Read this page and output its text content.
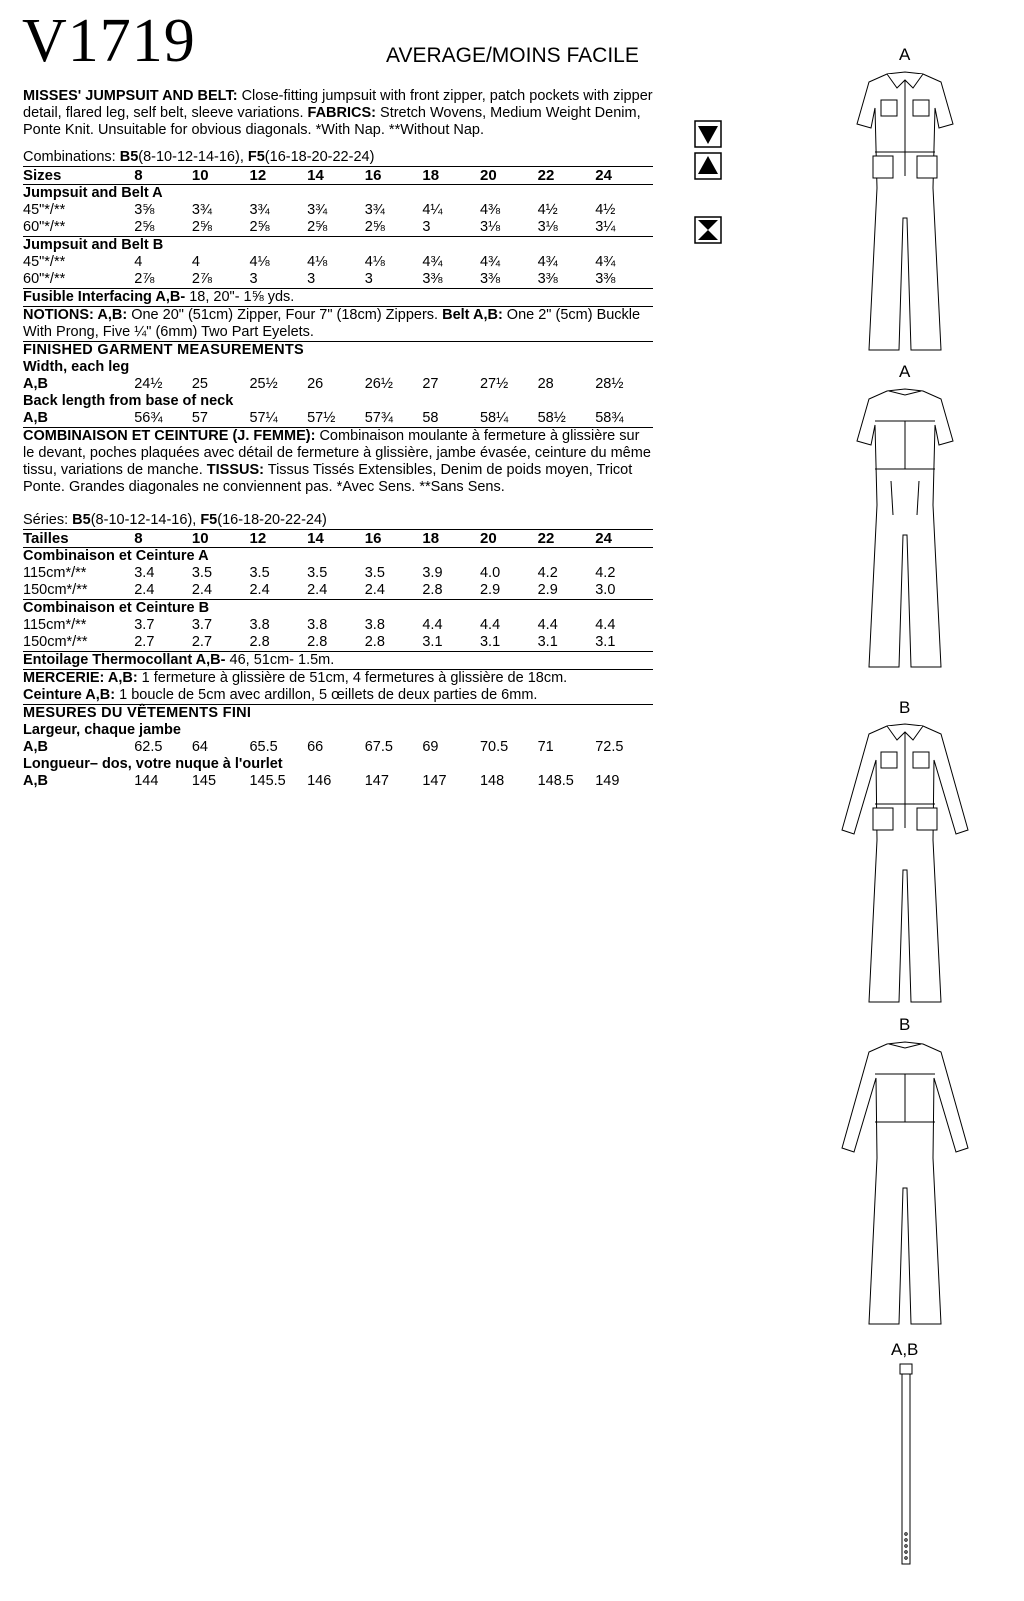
V1719	AVERAGE/MOINS FACILE

MISSES' JUMPSUIT AND BELT: Close-fitting jumpsuit with front zipper, patch pockets with zipper detail, flared leg, self belt, sleeve variations. FABRICS: Stretch Wovens, Medium Weight Denim, Ponte Knit. Unsuitable for obvious diagonals. *With Nap. **Without Nap.

Combinations: B5(8-10-12-14-16), F5(16-18-20-22-24)
Sizes	8	10	12	14	16	18	20	22	24
Jumpsuit and Belt A									
45"*/**	3⅝	3¾	3¾	3¾	3¾	4¼	4⅜	4½	4½
60"*/**	2⅝	2⅝	2⅝	2⅝	2⅝	3	3⅛	3⅛	3¼
Jumpsuit and Belt B									
45"*/**	4	4	4⅛	4⅛	4⅛	4¾	4¾	4¾	4¾
60"*/**	2⅞	2⅞	3	3	3	3⅜	3⅜	3⅜	3⅜
Fusible Interfacing A,B- 18, 20"- 1⅝ yds.
NOTIONS: A,B: One 20" (51cm) Zipper, Four 7" (18cm) Zippers. Belt A,B: One 2" (5cm) Buckle With Prong, Five ¼" (6mm) Two Part Eyelets.
FINISHED GARMENT MEASUREMENTS
Width, each leg									
A,B	24½	25	25½	26	26½	27	27½	28	28½
Back length from base of neck									
A,B	56¾	57	57¼	57½	57¾	58	58¼	58½	58¾

COMBINAISON ET CEINTURE (J. FEMME): Combinaison moulante à fermeture à glissière sur le devant, poches plaquées avec détail de fermeture à glissière, jambe évasée, ceinture du même tissu, variations de manche. TISSUS: Tissus Tissés Extensibles, Denim de poids moyen, Tricot Ponte. Grandes diagonales ne conviennent pas. *Avec Sens. **Sans Sens.

Séries: B5(8-10-12-14-16), F5(16-18-20-22-24)
Tailles	8	10	12	14	16	18	20	22	24
Combinaison et Ceinture A									
115cm*/**	3.4	3.5	3.5	3.5	3.5	3.9	4.0	4.2	4.2
150cm*/**	2.4	2.4	2.4	2.4	2.4	2.8	2.9	2.9	3.0
Combinaison et Ceinture B									
115cm*/**	3.7	3.7	3.8	3.8	3.8	4.4	4.4	4.4	4.4
150cm*/**	2.7	2.7	2.8	2.8	2.8	3.1	3.1	3.1	3.1
Entoilage Thermocollant A,B- 46, 51cm- 1.5m.
MERCERIE: A,B: 1 fermeture à glissière de 51cm, 4 fermetures à glissière de 18cm.
Ceinture A,B: 1 boucle de 5cm avec ardillon, 5 œillets de deux parties de 6mm.
MESURES DU VÊTEMENTS FINI
Largeur, chaque jambe									
A,B	62.5	64	65.5	66	67.5	69	70.5	71	72.5
Longueur– dos, votre nuque à l'ourlet									
A,B	144	145	145.5	146	147	147	148	148.5	149

A
A
B
B
A,B
